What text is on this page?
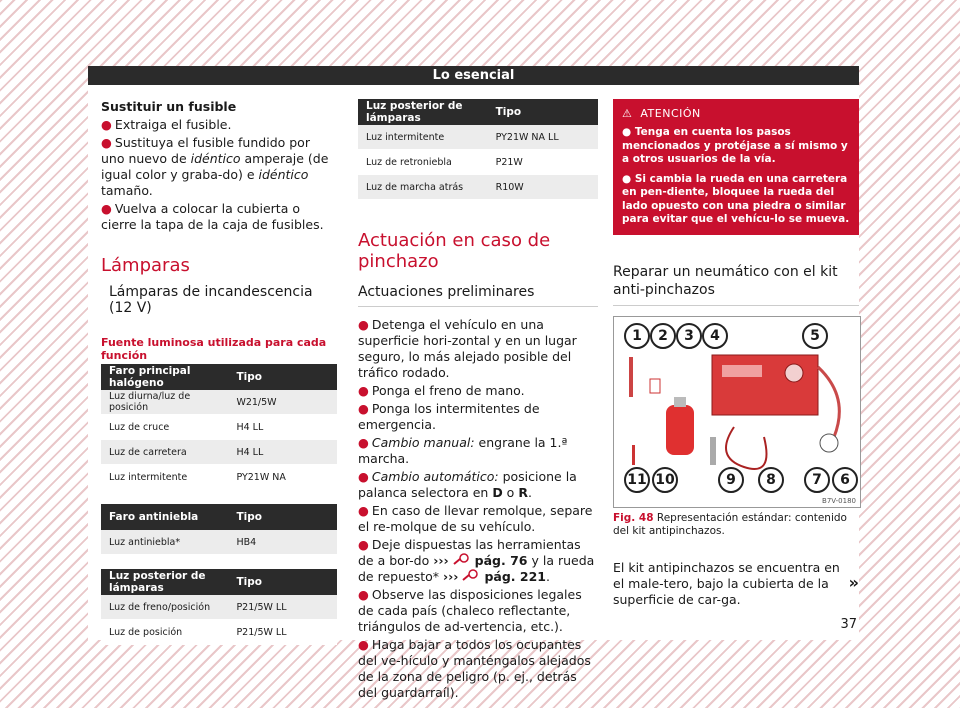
Lo esencial
Sustituir un fusible
● Extraiga el fusible.
● Sustituya el fusible fundido por uno nuevo de idéntico amperaje (de igual color y graba-do) e idéntico tamaño.
● Vuelva a colocar la cubierta o cierre la tapa de la caja de fusibles.
Lámparas
Lámparas de incandescencia (12 V)
Fuente luminosa utilizada para cada función
Faro principal halógeno	Tipo
Luz diurna/luz de posición	W21/5W
Luz de cruce	H4 LL
Luz de carretera	H4 LL
Luz intermitente	PY21W NA
Faro antiniebla	Tipo
Luz antiniebla*	HB4
Luz posterior de lámparas	Tipo
Luz de freno/posición	P21/5W LL
Luz de posición	P21/5W LL
Luz posterior de lámparas	Tipo
Luz intermitente	PY21W NA LL
Luz de retroniebla	P21W
Luz de marcha atrás	R10W
Actuación en caso de pinchazo
Actuaciones preliminares
● Detenga el vehículo en una superficie hori-zontal y en un lugar seguro, lo más alejado posible del tráfico rodado.
● Ponga el freno de mano.
● Ponga los intermitentes de emergencia.
● Cambio manual: engrane la 1.ª marcha.
● Cambio automático: posicione la palanca selectora en D o R.
● En caso de llevar remolque, separe el re-molque de su vehículo.
● Deje dispuestas las herramientas de a bor-do ››› pág. 76 y la rueda de repuesto* ››› pág. 221.
● Observe las disposiciones legales de cada país (chaleco reflectante, triángulos de ad-vertencia, etc.).
● Haga bajar a todos los ocupantes del ve-hículo y manténgalos alejados de la zona de peligro (p. ej., detrás del guardarraíl).
⚠ ATENCIÓN
● Tenga en cuenta los pasos mencionados y protéjase a sí mismo y a otros usuarios de la vía.
● Si cambia la rueda en una carretera en pen-diente, bloquee la rueda del lado opuesto con una piedra o similar para evitar que el vehícu-lo se mueva.
Reparar un neumático con el kit anti-pinchazos
1	2	3	4	5
6
7
8
9
10
11
B7V-0180
Fig. 48 Representación estándar: contenido del kit antipinchazos.
El kit antipinchazos se encuentra en el male-tero, bajo la cubierta de la superficie de car-ga.
»
37
